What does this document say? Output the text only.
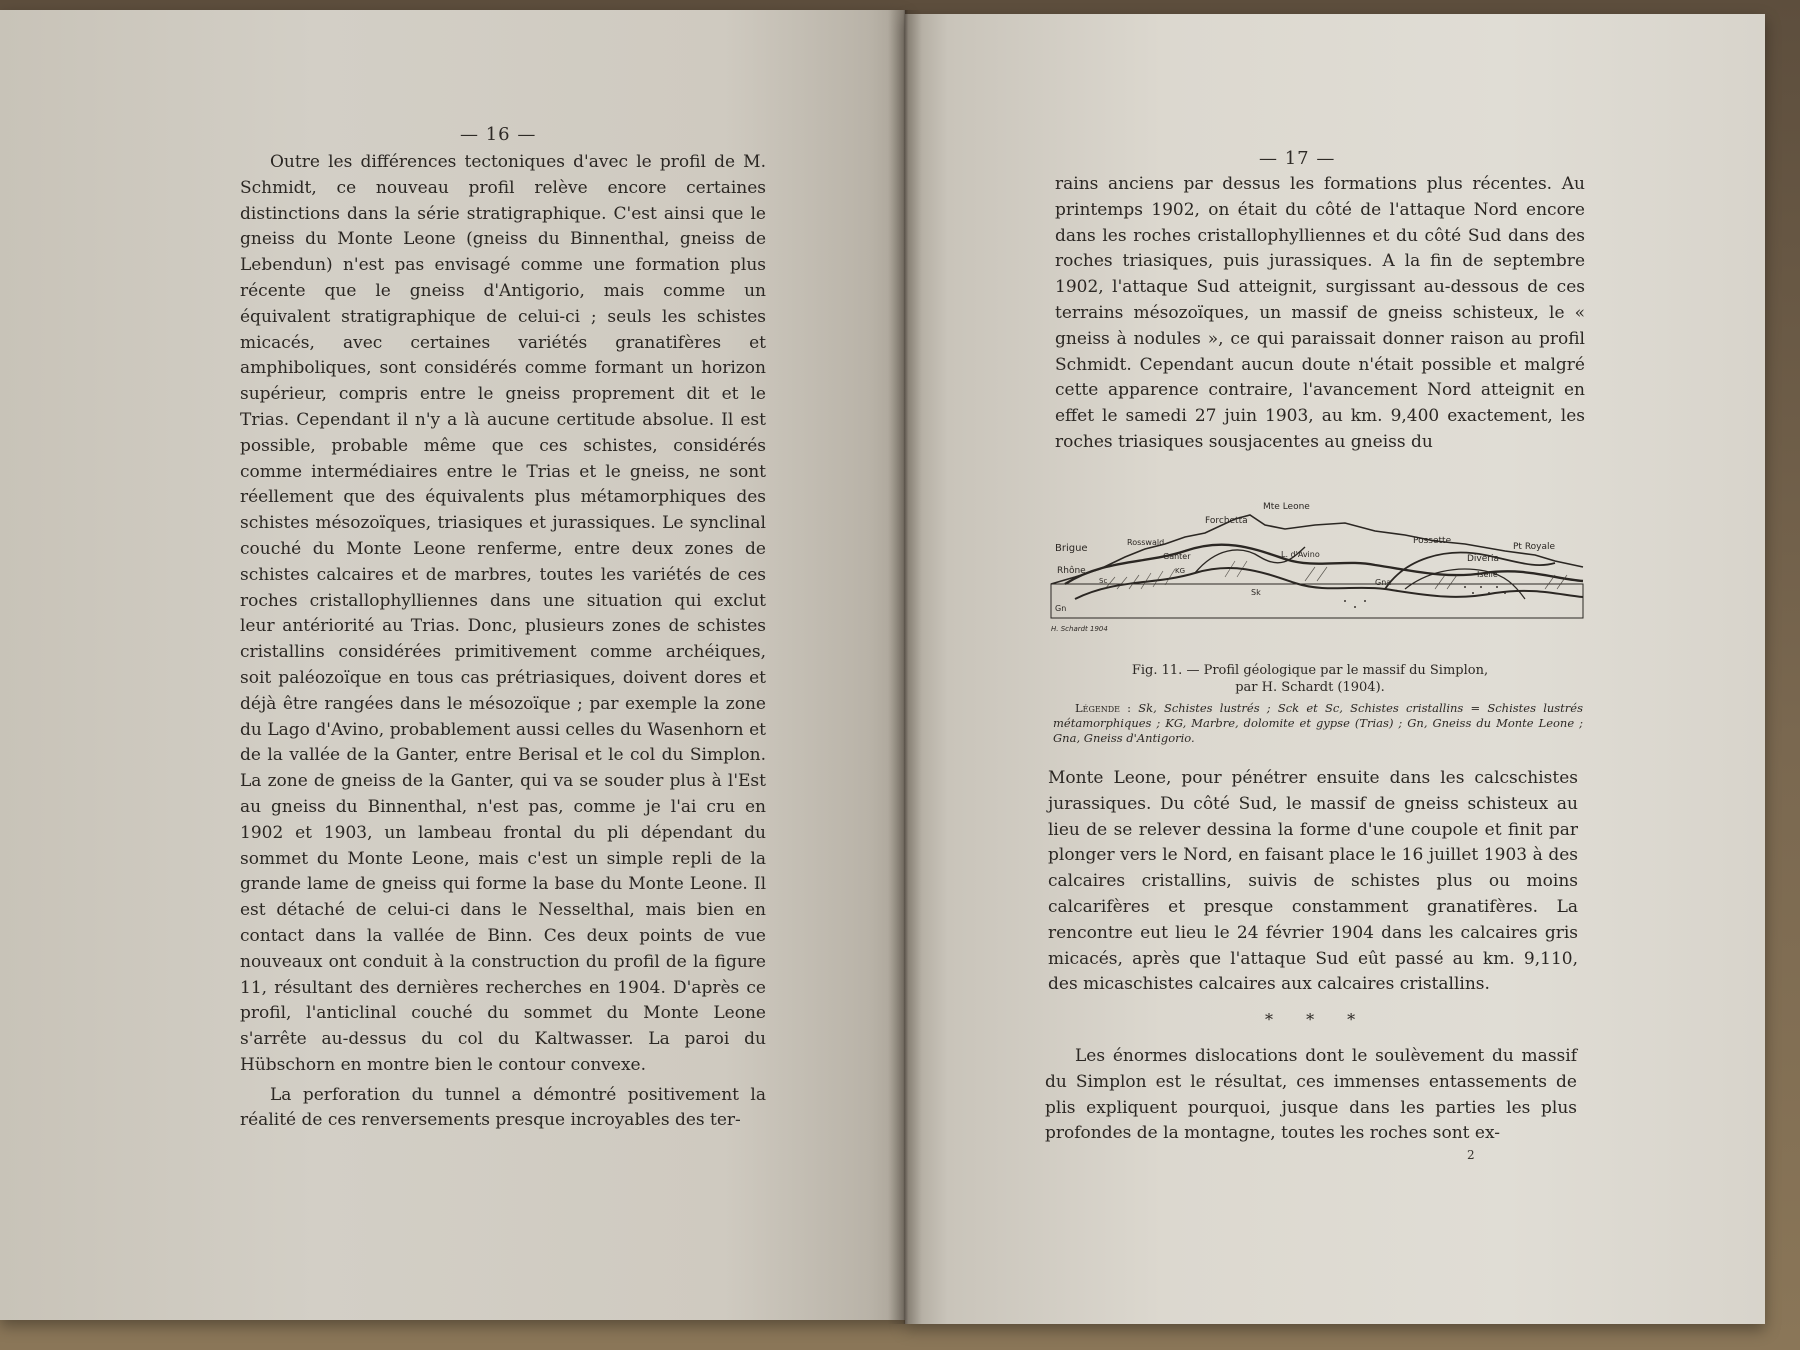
— 16 —

Outre les différences tectoniques d'avec le profil de M. Schmidt, ce nouveau profil relève encore certaines distinctions dans la série stratigraphique. C'est ainsi que le gneiss du Monte Leone (gneiss du Binnenthal, gneiss de Lebendun) n'est pas envisagé comme une formation plus récente que le gneiss d'Antigorio, mais comme un équivalent stratigraphique de celui-ci ; seuls les schistes micacés, avec certaines variétés granatifères et amphiboliques, sont considérés comme formant un horizon supérieur, compris entre le gneiss proprement dit et le Trias. Cependant il n'y a là aucune certitude absolue. Il est possible, probable même que ces schistes, considérés comme intermédiaires entre le Trias et le gneiss, ne sont réellement que des équivalents plus métamorphiques des schistes mésozoïques, triasiques et jurassiques. Le synclinal couché du Monte Leone renferme, entre deux zones de schistes calcaires et de marbres, toutes les variétés de ces roches cristallophylliennes dans une situation qui exclut leur antériorité au Trias. Donc, plusieurs zones de schistes cristallins considérées primitivement comme archéiques, soit paléozoïque en tous cas prétriasiques, doivent dores et déjà être rangées dans le mésozoïque ; par exemple la zone du Lago d'Avino, probablement aussi celles du Wasenhorn et de la vallée de la Ganter, entre Berisal et le col du Simplon. La zone de gneiss de la Ganter, qui va se souder plus à l'Est au gneiss du Binnenthal, n'est pas, comme je l'ai cru en 1902 et 1903, un lambeau frontal du pli dépendant du sommet du Monte Leone, mais c'est un simple repli de la grande lame de gneiss qui forme la base du Monte Leone. Il est détaché de celui-ci dans le Nesselthal, mais bien en contact dans la vallée de Binn. Ces deux points de vue nouveaux ont conduit à la construction du profil de la figure 11, résultant des dernières recherches en 1904. D'après ce profil, l'anticlinal couché du sommet du Monte Leone s'arrête au-dessus du col du Kaltwasser. La paroi du Hübschorn en montre bien le contour convexe.

La perforation du tunnel a démontré positivement la réalité de ces renversements presque incroyables des ter-

— 17 —

rains anciens par dessus les formations plus récentes. Au printemps 1902, on était du côté de l'attaque Nord encore dans les roches cristallophylliennes et du côté Sud dans des roches triasiques, puis jurassiques. A la fin de septembre 1902, l'attaque Sud atteignit, surgissant au-dessous de ces terrains mésozoïques, un massif de gneiss schisteux, le « gneiss à nodules », ce qui paraissait donner raison au profil Schmidt. Cependant aucun doute n'était possible et malgré cette apparence contraire, l'avancement Nord atteignit en effet le samedi 27 juin 1903, au km. 9,400 exactement, les roches triasiques sousjacentes au gneiss du

Brigue
Rhône
Rosswald
Ganter
Forchetta
Mte Leone
L. d'Avino
Possette
Diveria
Pt Royale
Iselle
Gn
Sk
Gna
KG
Sc
H. Schardt 1904
Fig. 11. — Profil géologique par le massif du Simplon,
par H. Schardt (1904).
Légende : Sk, Schistes lustrés ; Sck et Sc, Schistes cristallins = Schistes lustrés métamorphiques ; KG, Marbre, dolomite et gypse (Trias) ; Gn, Gneiss du Monte Leone ; Gna, Gneiss d'Antigorio.

Monte Leone, pour pénétrer ensuite dans les calcschistes jurassiques. Du côté Sud, le massif de gneiss schisteux au lieu de se relever dessina la forme d'une coupole et finit par plonger vers le Nord, en faisant place le 16 juillet 1903 à des calcaires cristallins, suivis de schistes plus ou moins calcarifères et presque constamment granatifères. La rencontre eut lieu le 24 février 1904 dans les calcaires gris micacés, après que l'attaque Sud eût passé au km. 9,110, des micaschistes calcaires aux calcaires cristallins.

* * *

Les énormes dislocations dont le soulèvement du massif du Simplon est le résultat, ces immenses entassements de plis expliquent pourquoi, jusque dans les parties les plus profondes de la montagne, toutes les roches sont ex-

2
